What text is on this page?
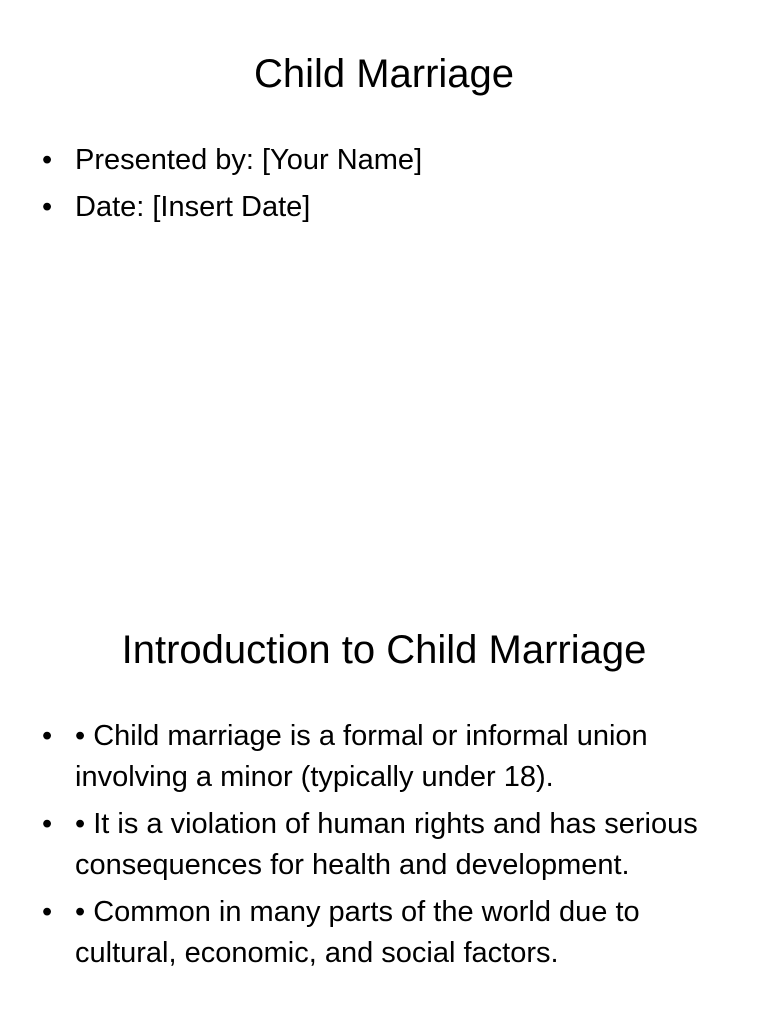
Child Marriage
• Presented by: [Your Name]
• Date: [Insert Date]
Introduction to Child Marriage
• • Child marriage is a formal or informal union involving a minor (typically under 18).
• • It is a violation of human rights and has serious consequences for health and development.
• • Common in many parts of the world due to cultural, economic, and social factors.
